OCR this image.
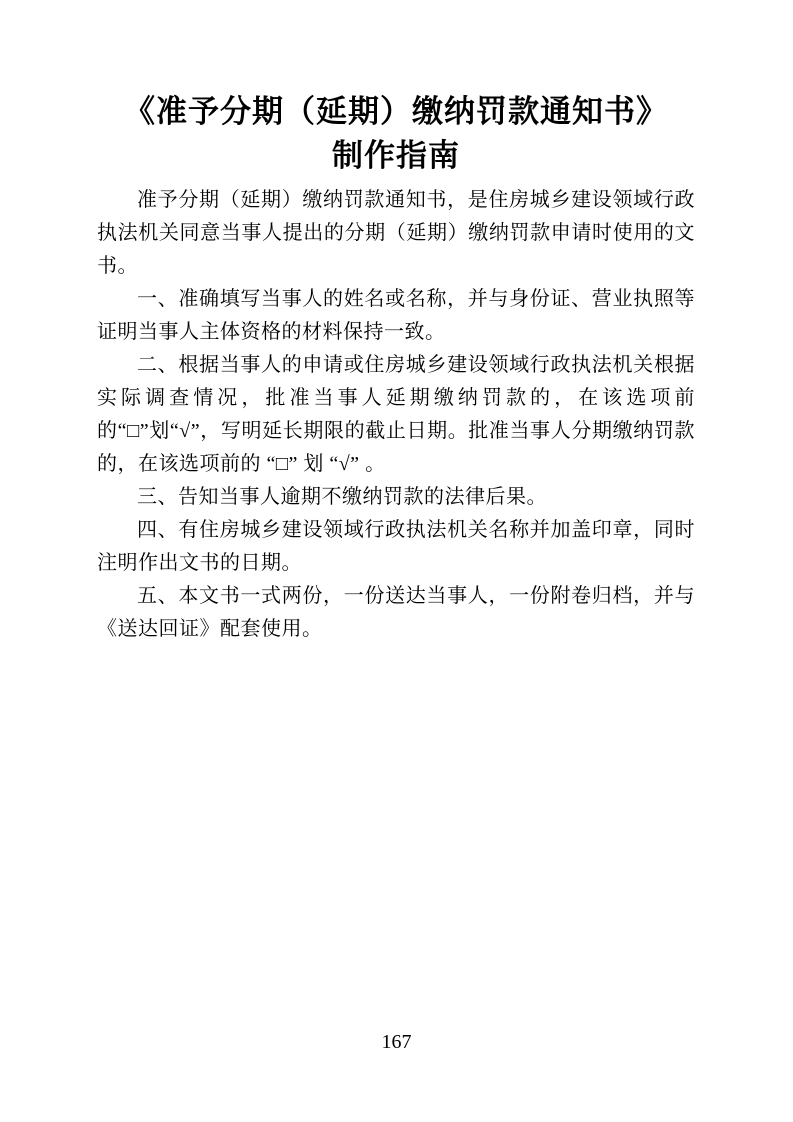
《准予分期（延期）缴纳罚款通知书》
制作指南

准予分期（延期）缴纳罚款通知书，是住房城乡建设领域行政执法机关同意当事人提出的分期（延期）缴纳罚款申请时使用的文书。

一、准确填写当事人的姓名或名称，并与身份证、营业执照等证明当事人主体资格的材料保持一致。

二、根据当事人的申请或住房城乡建设领域行政执法机关根据实际调查情况，批准当事人延期缴纳罚款的，在该选项前的“□”划“√”，写明延长期限的截止日期。批准当事人分期缴纳罚款的，在该选项前的 “□” 划 “√” 。

三、告知当事人逾期不缴纳罚款的法律后果。

四、有住房城乡建设领域行政执法机关名称并加盖印章，同时注明作出文书的日期。

五、本文书一式两份，一份送达当事人，一份附卷归档，并与《送达回证》配套使用。

167
